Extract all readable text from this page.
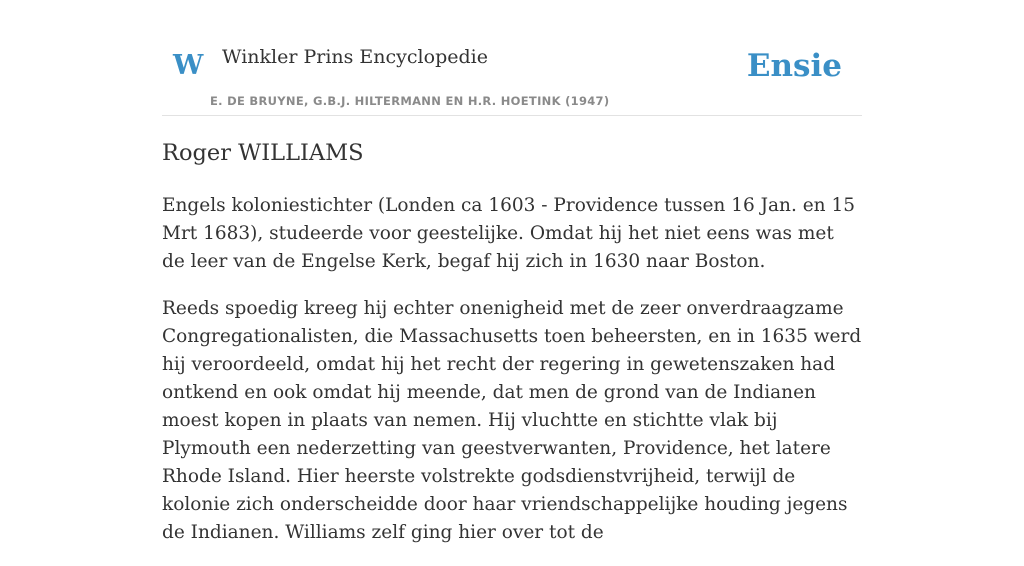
W Winkler Prins Encyclopedie
E. DE BRUYNE, G.B.J. HILTERMANN EN H.R. HOETINK (1947)
Ensie
Roger WILLIAMS

Engels koloniestichter (Londen ca 1603 - Providence tussen 16 Jan. en 15 Mrt 1683), studeerde voor geestelijke. Omdat hij het niet eens was met de leer van de Engelse Kerk, begaf hij zich in 1630 naar Boston.

Reeds spoedig kreeg hij echter onenigheid met de zeer onverdraagzame Congregationalisten, die Massachusetts toen beheersten, en in 1635 werd hij veroordeeld, omdat hij het recht der regering in gewetenszaken had ontkend en ook omdat hij meende, dat men de grond van de Indianen moest kopen in plaats van nemen. Hij vluchtte en stichtte vlak bij Plymouth een nederzetting van geestverwanten, Providence, het latere Rhode Island. Hier heerste volstrekte godsdienstvrijheid, terwijl de kolonie zich onderscheidde door haar vriendschappelijke houding jegens de Indianen. Williams zelf ging hier over tot de
